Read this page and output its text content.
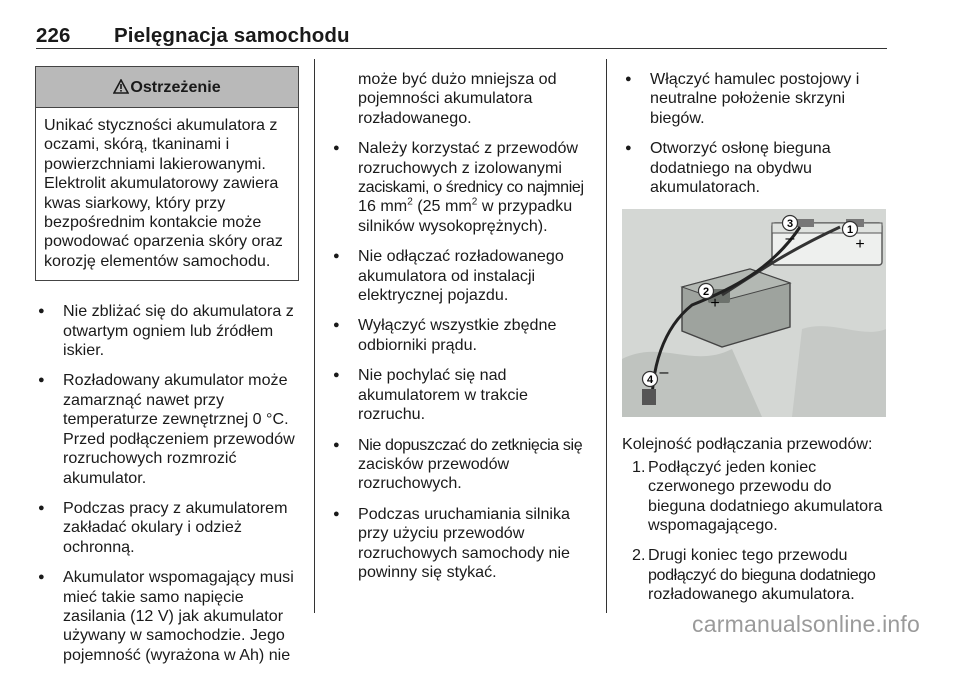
226 Pielęgnacja samochodu
Ostrzeżenie
Unikać styczności akumulatora z
oczami, skórą, tkaninami i
powierzchniami lakierowanymi.
Elektrolit akumulatorowy zawiera
kwas siarkowy, który przy
bezpośrednim kontakcie może
powodować oparzenia skóry oraz
korozję elementów samochodu.
● Nie zbliżać się do akumulatora z
otwartym ogniem lub źródłem
iskier.
● Rozładowany akumulator może
zamarznąć nawet przy
temperaturze zewnętrznej 0 °C.
Przed podłączeniem przewodów
rozruchowych rozmrozić
akumulator.
● Podczas pracy z akumulatorem
zakładać okulary i odzież
ochronną.
● Akumulator wspomagający musi
mieć takie samo napięcie
zasilania (12 V) jak akumulator
używany w samochodzie. Jego
pojemność (wyrażona w Ah) nie
może być dużo mniejsza od
pojemności akumulatora
rozładowanego.
● Należy korzystać z przewodów
rozruchowych z izolowanymi
zaciskami, o średnicy co najmniej
16 $mm^2$ (25 $mm^2$ w przypadku
silników wysokoprężnych).
● Nie odłączać rozładowanego
akumulatora od instalacji
elektrycznej pojazdu.
● Wyłączyć wszystkie zbędne
odbiorniki prądu.
● Nie pochylać się nad
akumulatorem w trakcie
rozruchu.
● Nie dopuszczać do zetknięcia się
zacisków przewodów
rozruchowych.
● Podczas uruchamiania silnika
przy użyciu przewodów
rozruchowych samochody nie
powinny się stykać.
● Włączyć hamulec postojowy i
neutralne położenie skrzyni
biegów.
● Otworzyć osłonę bieguna
dodatniego na obydwu
akumulatorach.
1
+
2
+
3
–
4 –
Kolejność podłączania przewodów:
1. Podłączyć jeden koniec
czerwonego przewodu do
bieguna dodatniego akumulatora
wspomagającego.
2. Drugi koniec tego przewodu
podłączyć do bieguna dodatniego
rozładowanego akumulatora.
carmanualsonline.info
